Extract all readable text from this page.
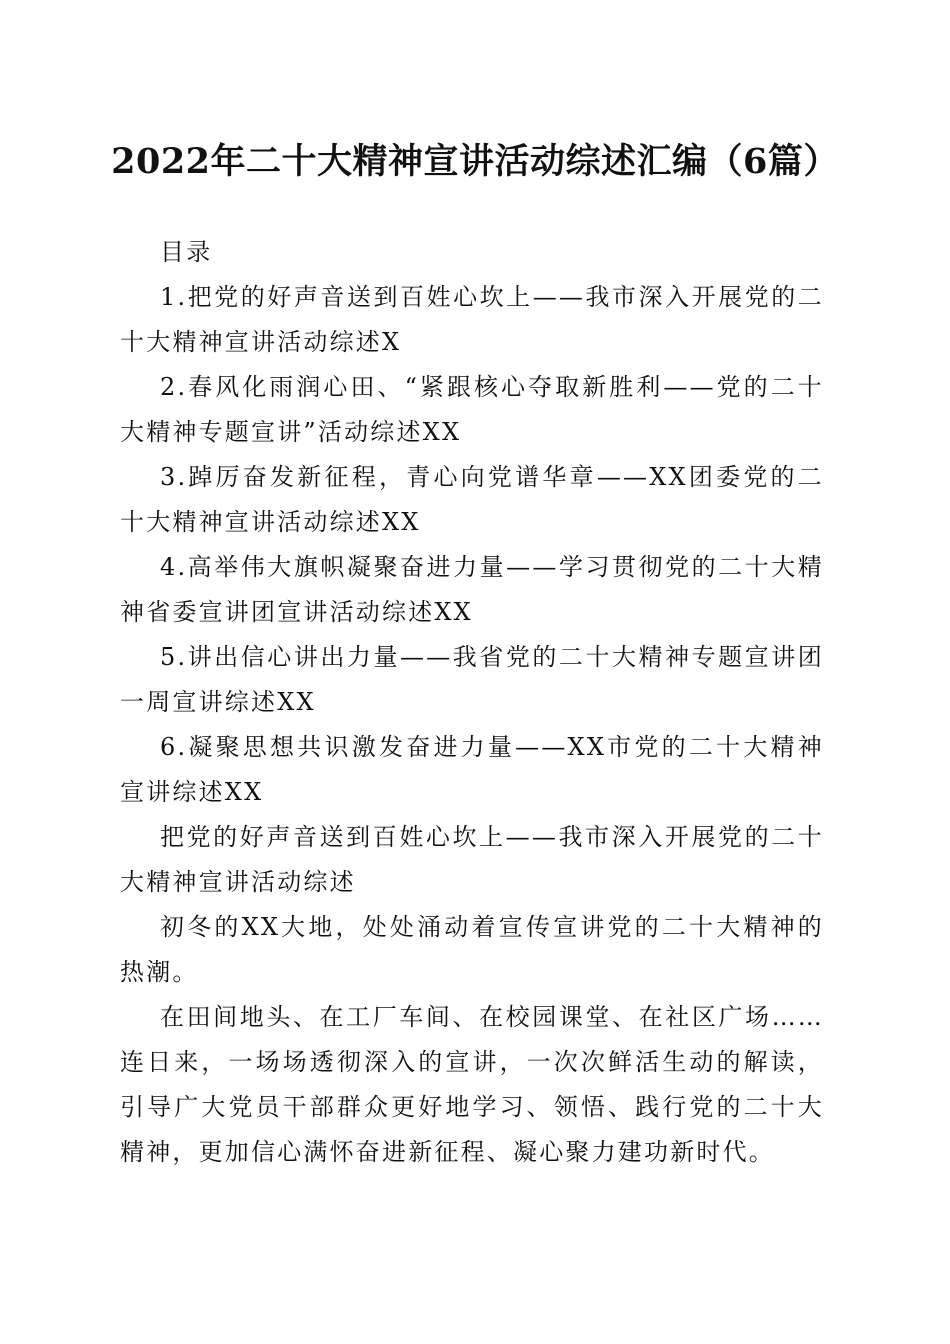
2022年二十大精神宣讲活动综述汇编（6篇）

目录

1.把党的好声音送到百姓心坎上——我市深入开展党的二十大精神宣讲活动综述X

2.春风化雨润心田、“紧跟核心夺取新胜利——党的二十大精神专题宣讲”活动综述XX

3.踔厉奋发新征程，青心向党谱华章——XX团委党的二十大精神宣讲活动综述XX

4.高举伟大旗帜凝聚奋进力量——学习贯彻党的二十大精神省委宣讲团宣讲活动综述XX

5.讲出信心讲出力量——我省党的二十大精神专题宣讲团一周宣讲综述XX

6.凝聚思想共识激发奋进力量——XX市党的二十大精神宣讲综述XX

把党的好声音送到百姓心坎上——我市深入开展党的二十大精神宣讲活动综述

初冬的XX大地，处处涌动着宣传宣讲党的二十大精神的热潮。

在田间地头、在工厂车间、在校园课堂、在社区广场……连日来，一场场透彻深入的宣讲，一次次鲜活生动的解读，引导广大党员干部群众更好地学习、领悟、践行党的二十大精神，更加信心满怀奋进新征程、凝心聚力建功新时代。
